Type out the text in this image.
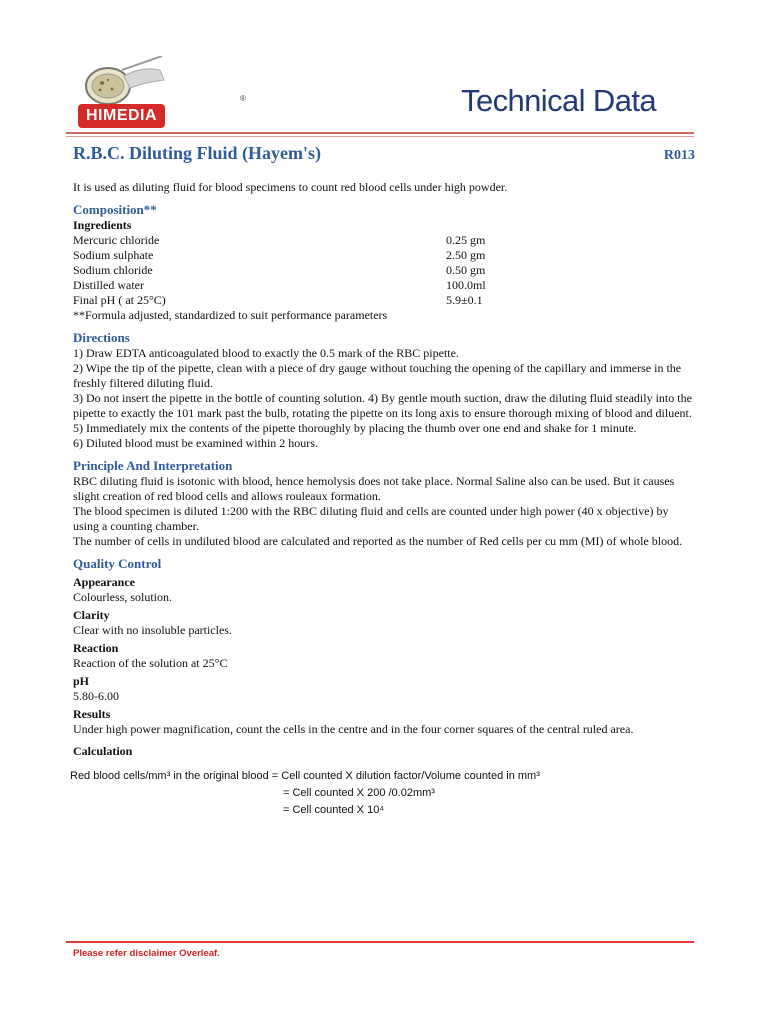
HIMEDIA
®	Technical Data
R.B.C. Diluting Fluid (Hayem's)	R013
It is used as diluting fluid for blood specimens to count red blood cells under high powder.
Composition**
Ingredients
Mercuric chloride	0.25 gm
Sodium sulphate	2.50 gm
Sodium chloride	0.50 gm
Distilled water	100.0ml
Final pH ( at 25°C)	5.9±0.1
**Formula adjusted, standardized to suit performance parameters
Directions

1) Draw EDTA anticoagulated blood to exactly the 0.5 mark of the RBC pipette.

2) Wipe the tip of the pipette, clean with a piece of dry gauge without touching the opening of the capillary and immerse in the freshly filtered diluting fluid.

3) Do not insert the pipette in the bottle of counting solution. 4) By gentle mouth suction, draw the diluting fluid steadily into the pipette to exactly the 101 mark past the bulb, rotating the pipette on its long axis to ensure thorough mixing of blood and diluent.

5) Immediately mix the contents of the pipette thoroughly by placing the thumb over one end and shake for 1 minute.

6) Diluted blood must be examined within 2 hours.

Principle And Interpretation

RBC diluting fluid is isotonic with blood, hence hemolysis does not take place. Normal Saline also can be used. But it causes slight creation of red blood cells and allows rouleaux formation.

The blood specimen is diluted 1:200 with the RBC diluting fluid and cells are counted under high power (40 x objective) by using a counting chamber.

The number of cells in undiluted blood are calculated and reported as the number of Red cells per cu mm (MI) of whole blood.

Quality Control
Appearance
Colourless, solution.
Clarity
Clear with no insoluble particles.
Reaction
Reaction of the solution at 25°C
pH
5.80-6.00
Results
Under high power magnification, count the cells in the centre and in the four corner squares of the central ruled area.
Calculation
Red blood cells/mm³ in the original blood = Cell counted X dilution factor/Volume counted in mm³
= Cell counted X 200 /0.02mm³
= Cell counted X 10⁴
Please refer disclaimer Overleaf.
